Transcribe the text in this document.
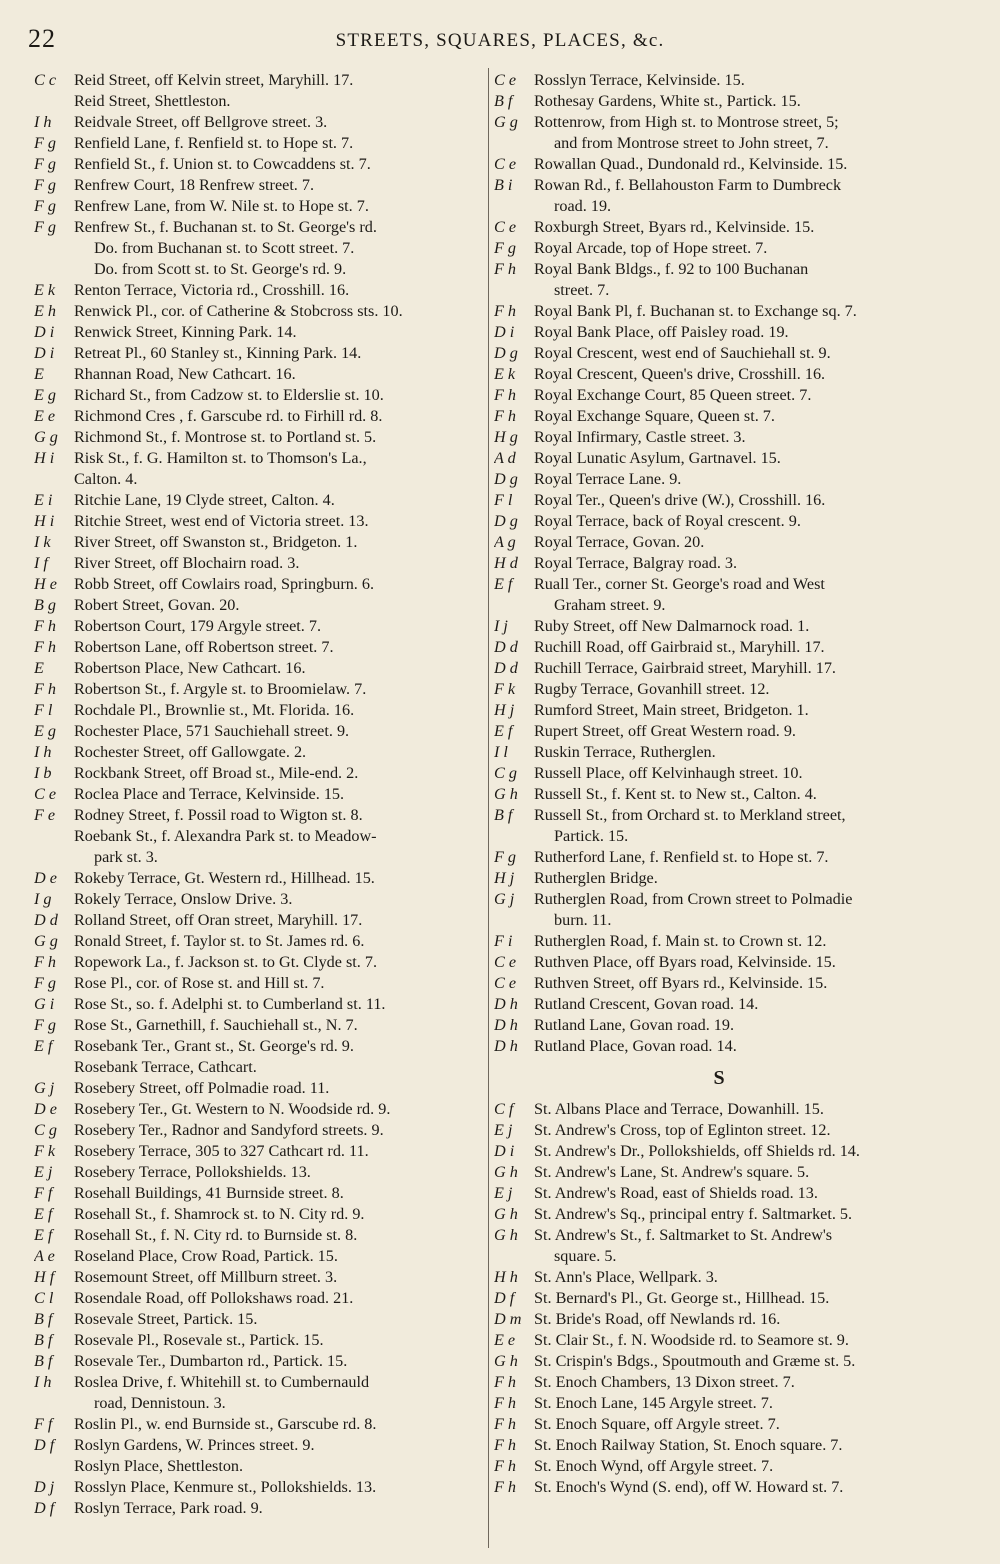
22	STREETS, SQUARES, PLACES, &c.
C c	Reid Street, off Kelvin street, Maryhill. 17.
Reid Street, Shettleston.
I h	Reidvale Street, off Bellgrove street. 3.
F g	Renfield Lane, f. Renfield st. to Hope st. 7.
F g	Renfield St., f. Union st. to Cowcaddens st. 7.
F g	Renfrew Court, 18 Renfrew street. 7.
F g	Renfrew Lane, from W. Nile st. to Hope st. 7.
F g	Renfrew St., f. Buchanan st. to St. George's rd.
Do. from Buchanan st. to Scott street. 7.
Do. from Scott st. to St. George's rd. 9.
E k	Renton Terrace, Victoria rd., Crosshill. 16.
E h	Renwick Pl., cor. of Catherine & Stobcross sts. 10.
D i	Renwick Street, Kinning Park. 14.
D i	Retreat Pl., 60 Stanley st., Kinning Park. 14.
E	Rhannan Road, New Cathcart. 16.
E g	Richard St., from Cadzow st. to Elderslie st. 10.
E e	Richmond Cres , f. Garscube rd. to Firhill rd. 8.
G g Richmond St., f. Montrose st. to Portland st. 5.
H i	Risk St., f. G. Hamilton st. to Thomson's La.,
Calton. 4.
E i	Ritchie Lane, 19 Clyde street, Calton. 4.
H i	Ritchie Street, west end of Victoria street. 13.
I k	River Street, off Swanston st., Bridgeton. 1.
I f	River Street, off Blochairn road. 3.
H e	Robb Street, off Cowlairs road, Springburn. 6.
B g	Robert Street, Govan. 20.
F h	Robertson Court, 179 Argyle street. 7.
F h	Robertson Lane, off Robertson street. 7.
E	Robertson Place, New Cathcart. 16.
F h	Robertson St., f. Argyle st. to Broomielaw. 7.
F l	Rochdale Pl., Brownlie st., Mt. Florida. 16.
E g	Rochester Place, 571 Sauchiehall street. 9.
I h	Rochester Street, off Gallowgate. 2.
I b	Rockbank Street, off Broad st., Mile-end. 2.
C e	Roclea Place and Terrace, Kelvinside. 15.
F e	Rodney Street, f. Possil road to Wigton st. 8.
Roebank St., f. Alexandra Park st. to Meadow-
park st. 3.
D e	Rokeby Terrace, Gt. Western rd., Hillhead. 15.
I g	Rokely Terrace, Onslow Drive. 3.
D d Rolland Street, off Oran street, Maryhill. 17.
G g Ronald Street, f. Taylor st. to St. James rd. 6.
F h	Ropework La., f. Jackson st. to Gt. Clyde st. 7.
F g	Rose Pl., cor. of Rose st. and Hill st. 7.
G i	Rose St., so. f. Adelphi st. to Cumberland st. 11.
F g	Rose St., Garnethill, f. Sauchiehall st., N. 7.
E f	Rosebank Ter., Grant st., St. George's rd. 9.
Rosebank Terrace, Cathcart.
G j	Rosebery Street, off Polmadie road. 11.
D e	Rosebery Ter., Gt. Western to N. Woodside rd. 9.
C g	Rosebery Ter., Radnor and Sandyford streets. 9.
F k	Rosebery Terrace, 305 to 327 Cathcart rd. 11.
E j	Rosebery Terrace, Pollokshields. 13.
F f	Rosehall Buildings, 41 Burnside street. 8.
E f	Rosehall St., f. Shamrock st. to N. City rd. 9.
E f	Rosehall St., f. N. City rd. to Burnside st. 8.
A e	Roseland Place, Crow Road, Partick. 15.
H f	Rosemount Street, off Millburn street. 3.
C l	Rosendale Road, off Pollokshaws road. 21.
B f	Rosevale Street, Partick. 15.
B f	Rosevale Pl., Rosevale st., Partick. 15.
B f	Rosevale Ter., Dumbarton rd., Partick. 15.
I h	Roslea Drive, f. Whitehill st. to Cumbernauld
road, Dennistoun. 3.
F f	Roslin Pl., w. end Burnside st., Garscube rd. 8.
D f	Roslyn Gardens, W. Princes street. 9.
Roslyn Place, Shettleston.
D j	Rosslyn Place, Kenmure st., Pollokshields. 13.
D f	Roslyn Terrace, Park road. 9.
C e	Rosslyn Terrace, Kelvinside. 15.
B f	Rothesay Gardens, White st., Partick. 15.
G g Rottenrow, from High st. to Montrose street, 5;
and from Montrose street to John street, 7.
C e	Rowallan Quad., Dundonald rd., Kelvinside. 15.
B i	Rowan Rd., f. Bellahouston Farm to Dumbreck
road. 19.
C e	Roxburgh Street, Byars rd., Kelvinside. 15.
F g	Royal Arcade, top of Hope street. 7.
F h	Royal Bank Bldgs., f. 92 to 100 Buchanan
street. 7.
F h	Royal Bank Pl, f. Buchanan st. to Exchange sq. 7.
D i	Royal Bank Place, off Paisley road. 19.
D g Royal Crescent, west end of Sauchiehall st. 9.
E k	Royal Crescent, Queen's drive, Crosshill. 16.
F h	Royal Exchange Court, 85 Queen street. 7.
F h	Royal Exchange Square, Queen st. 7.
H g Royal Infirmary, Castle street. 3.
A d	Royal Lunatic Asylum, Gartnavel. 15.
D g Royal Terrace Lane. 9.
F l	Royal Ter., Queen's drive (W.), Crosshill. 16.
D g Royal Terrace, back of Royal crescent. 9.
A g	Royal Terrace, Govan. 20.
H d Royal Terrace, Balgray road. 3.
E f	Ruall Ter., corner St. George's road and West
Graham street. 9.
I j	Ruby Street, off New Dalmarnock road. 1.
D d Ruchill Road, off Gairbraid st., Maryhill. 17.
D d Ruchill Terrace, Gairbraid street, Maryhill. 17.
F k	Rugby Terrace, Govanhill street. 12.
H j	Rumford Street, Main street, Bridgeton. 1.
E f	Rupert Street, off Great Western road. 9.
I l	Ruskin Terrace, Rutherglen.
C g	Russell Place, off Kelvinhaugh street. 10.
G h Russell St., f. Kent st. to New st., Calton. 4.
B f	Russell St., from Orchard st. to Merkland street,
Partick. 15.
F g	Rutherford Lane, f. Renfield st. to Hope st. 7.
H j	Rutherglen Bridge.
G j	Rutherglen Road, from Crown street to Polmadie
burn. 11.
F i	Rutherglen Road, f. Main st. to Crown st. 12.
C e	Ruthven Place, off Byars road, Kelvinside. 15.
C e	Ruthven Street, off Byars rd., Kelvinside. 15.
D h Rutland Crescent, Govan road. 14.
D h Rutland Lane, Govan road. 19.
D h Rutland Place, Govan road. 14.
S
C f	St. Albans Place and Terrace, Dowanhill. 15.
E j	St. Andrew's Cross, top of Eglinton street. 12.
D i	St. Andrew's Dr., Pollokshields, off Shields rd. 14.
G h St. Andrew's Lane, St. Andrew's square. 5.
E j	St. Andrew's Road, east of Shields road. 13.
G h St. Andrew's Sq., principal entry f. Saltmarket. 5.
G h St. Andrew's St., f. Saltmarket to St. Andrew's
square. 5.
H h St. Ann's Place, Wellpark. 3.
D f	St. Bernard's Pl., Gt. George st., Hillhead. 15.
D m St. Bride's Road, off Newlands rd. 16.
E e	St. Clair St., f. N. Woodside rd. to Seamore st. 9.
G h St. Crispin's Bdgs., Spoutmouth and Græme st. 5.
F h	St. Enoch Chambers, 13 Dixon street. 7.
F h	St. Enoch Lane, 145 Argyle street. 7.
F h	St. Enoch Square, off Argyle street. 7.
F h	St. Enoch Railway Station, St. Enoch square. 7.
F h	St. Enoch Wynd, off Argyle street. 7.
F h	St. Enoch's Wynd (S. end), off W. Howard st. 7.
